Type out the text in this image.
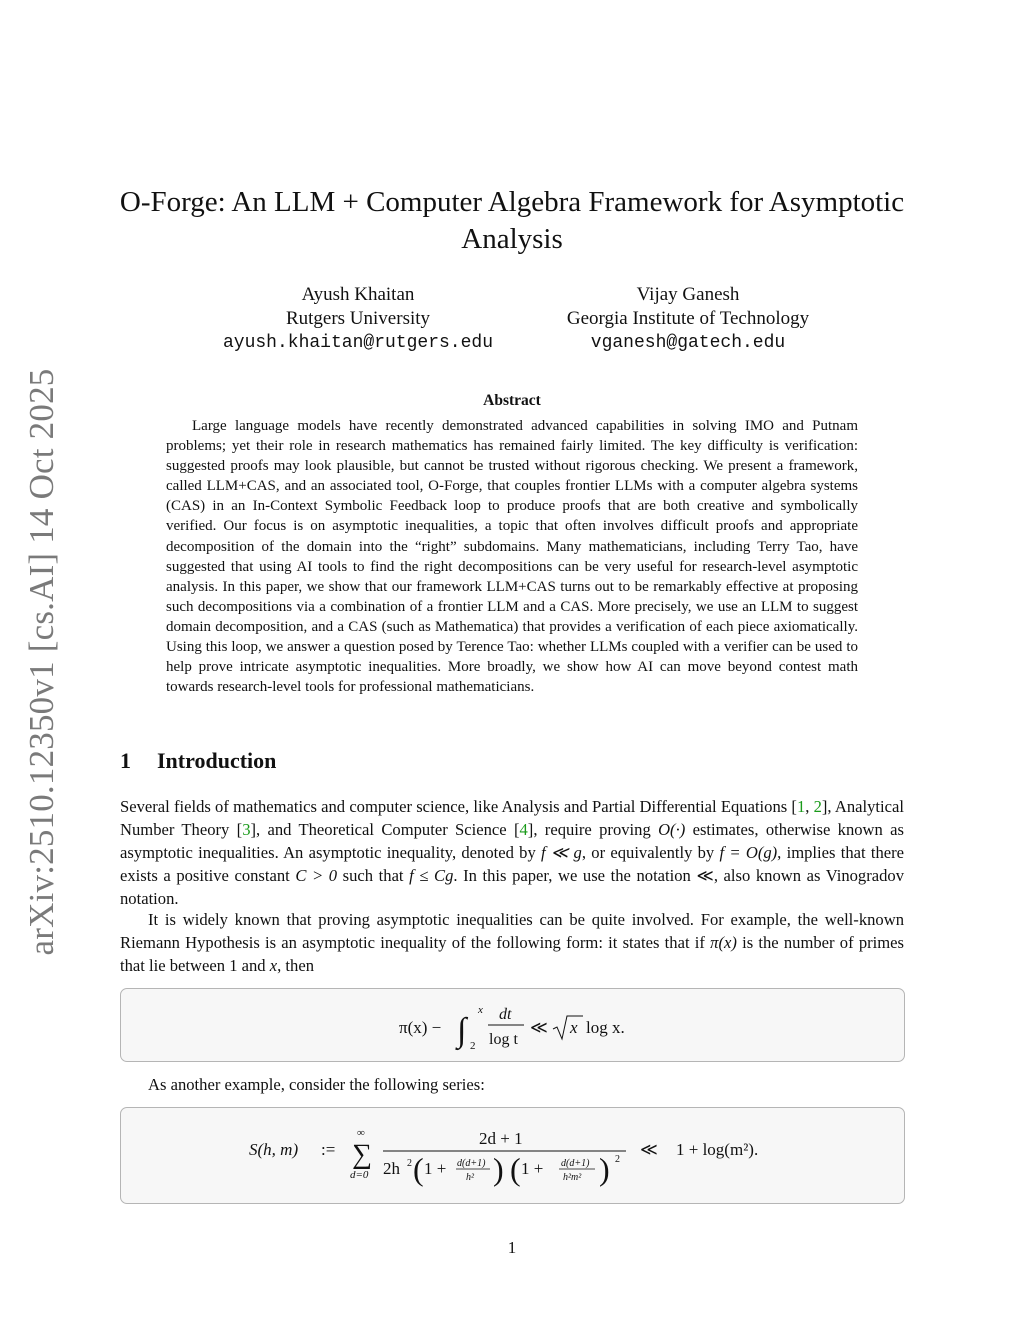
arXiv:2510.12350v1 [cs.AI] 14 Oct 2025
O-Forge: An LLM + Computer Algebra Framework for Asymptotic Analysis
Ayush Khaitan
Rutgers University
ayush.khaitan@rutgers.edu
Vijay Ganesh
Georgia Institute of Technology
vganesh@gatech.edu
Abstract

Large language models have recently demonstrated advanced capabilities in solving IMO and Putnam problems; yet their role in research mathematics has remained fairly limited. The key difficulty is verification: suggested proofs may look plausible, but cannot be trusted without rigorous checking. We present a framework, called LLM+CAS, and an associated tool, O-Forge, that couples frontier LLMs with a computer algebra systems (CAS) in an In-Context Symbolic Feedback loop to produce proofs that are both creative and symbolically verified. Our focus is on asymptotic inequalities, a topic that often involves difficult proofs and appropriate decomposition of the domain into the “right” subdomains. Many mathematicians, including Terry Tao, have suggested that using AI tools to find the right decompositions can be very useful for research-level asymptotic analysis. In this paper, we show that our framework LLM+CAS turns out to be remarkably effective at proposing such decompositions via a combination of a frontier LLM and a CAS. More precisely, we use an LLM to suggest domain decomposition, and a CAS (such as Mathematica) that provides a verification of each piece axiomatically. Using this loop, we answer a question posed by Terence Tao: whether LLMs coupled with a verifier can be used to help prove intricate asymptotic inequalities. More broadly, we show how AI can move beyond contest math towards research-level tools for professional mathematicians.

1 Introduction

Several fields of mathematics and computer science, like Analysis and Partial Differential Equations [1, 2], Analytical Number Theory [3], and Theoretical Computer Science [4], require proving O(·) estimates, otherwise known as asymptotic inequalities. An asymptotic inequality, denoted by f ≪ g, or equivalently by f = O(g), implies that there exists a positive constant C > 0 such that f ≤ Cg. In this paper, we use the notation ≪, also known as Vinogradov notation.

It is widely known that proving asymptotic inequalities can be quite involved. For example, the well-known Riemann Hypothesis is an asymptotic inequality of the following form: it states that if π(x) is the number of primes that lie between 1 and x, then

π(x) − ∫
x
2
dt
log t
≪ x log x.

As another example, consider the following series:

S(h, m) :=
∞
∑
d=0
2d + 1
2h 2 ( 1 + d(d+1)
h² ) ( 1 + d(d+1)
h²m² ) 2
≪ 1 + log(m²).
1
